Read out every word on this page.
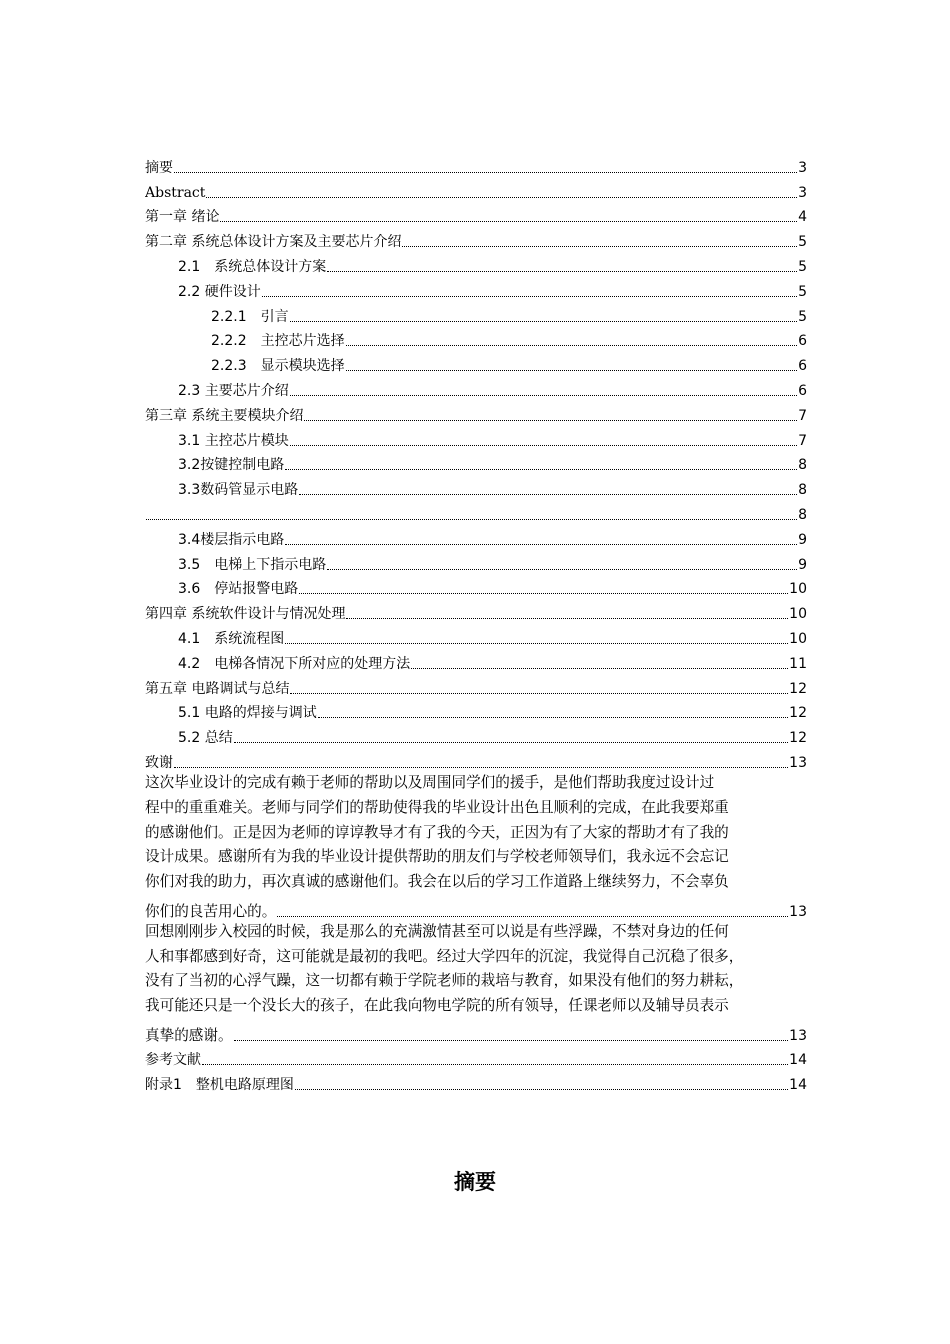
摘要	3
Abstract	3
第一章 绪论	4
第二章 系统总体设计方案及主要芯片介绍	5
2.1　系统总体设计方案	5
2.2 硬件设计	5
2.2.1　引言	5
2.2.2　主控芯片选择	6
2.2.3　显示模块选择	6
2.3 主要芯片介绍	6
第三章 系统主要模块介绍	7
3.1 主控芯片模块	7
3.2按键控制电路	8
3.3数码管显示电路	8
8
3.4楼层指示电路	9
3.5　电梯上下指示电路	9
3.6　停站报警电路	10
第四章 系统软件设计与情况处理	10
4.1　系统流程图	10
4.2　电梯各情况下所对应的处理方法	11
第五章 电路调试与总结	12
5.1 电路的焊接与调试	12
5.2 总结	12
致谢	13
这次毕业设计的完成有赖于老师的帮助以及周围同学们的援手，是他们帮助我度过设计过
程中的重重难关。老师与同学们的帮助使得我的毕业设计出色且顺利的完成，在此我要郑重
的感谢他们。正是因为老师的谆谆教导才有了我的今天，正因为有了大家的帮助才有了我的
设计成果。感谢所有为我的毕业设计提供帮助的朋友们与学校老师领导们，我永远不会忘记
你们对我的助力，再次真诚的感谢他们。我会在以后的学习工作道路上继续努力，不会辜负
你们的良苦用心的。	13
回想刚刚步入校园的时候，我是那么的充满激情甚至可以说是有些浮躁，不禁对身边的任何
人和事都感到好奇，这可能就是最初的我吧。经过大学四年的沉淀，我觉得自己沉稳了很多，
没有了当初的心浮气躁，这一切都有赖于学院老师的栽培与教育，如果没有他们的努力耕耘，
我可能还只是一个没长大的孩子，在此我向物电学院的所有领导，任课老师以及辅导员表示
真挚的感谢。	13
参考文献	14
附录1　整机电路原理图	14
摘要
